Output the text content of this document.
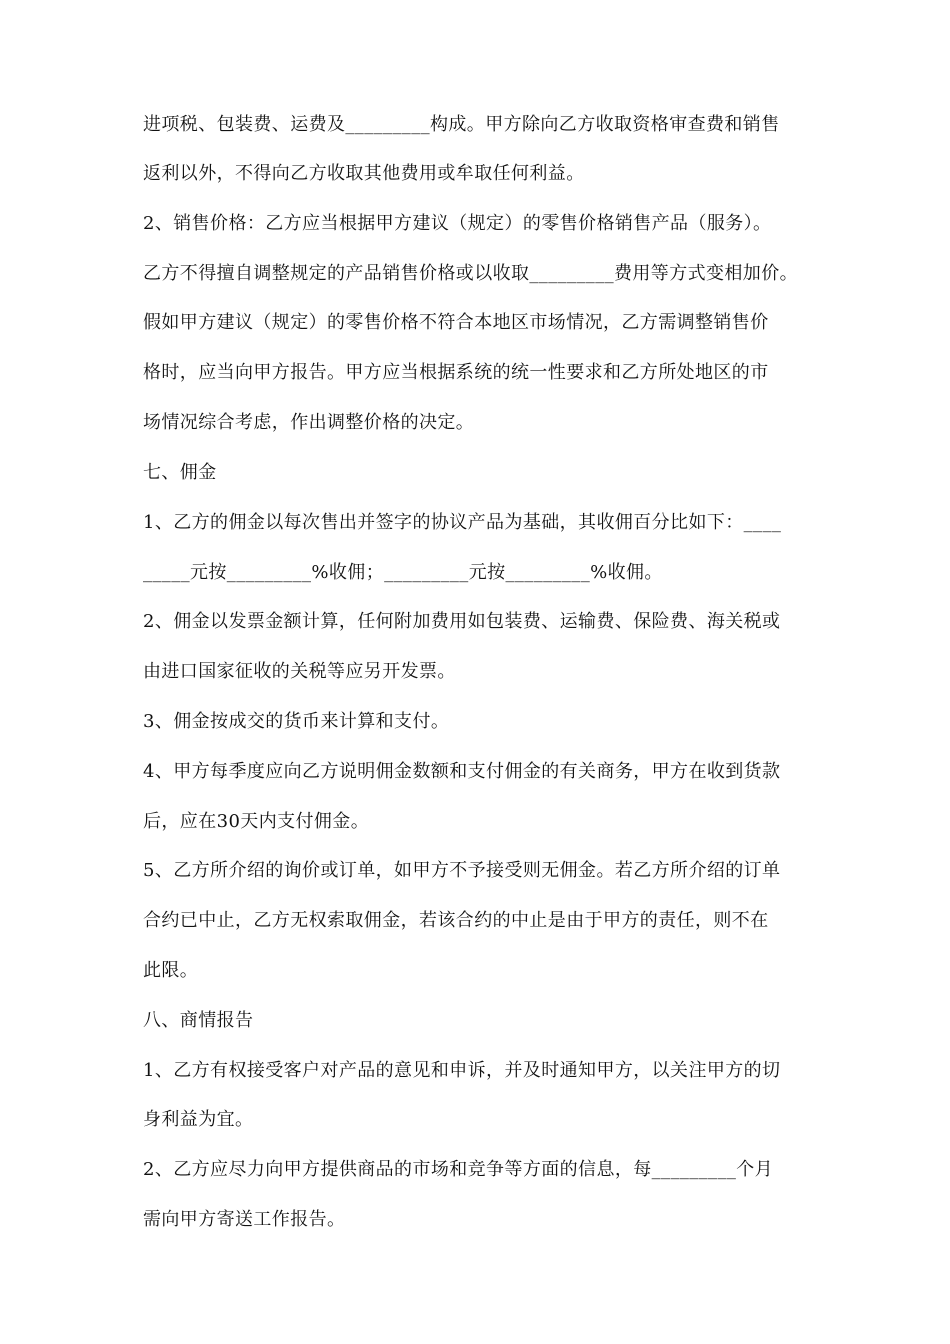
进项税、包装费、运费及_________构成。甲方除向乙方收取资格审查费和销售
返利以外，不得向乙方收取其他费用或牟取任何利益。
2、销售价格：乙方应当根据甲方建议（规定）的零售价格销售产品（服务）。
乙方不得擅自调整规定的产品销售价格或以收取_________费用等方式变相加价。
假如甲方建议（规定）的零售价格不符合本地区市场情况，乙方需调整销售价
格时，应当向甲方报告。甲方应当根据系统的统一性要求和乙方所处地区的市
场情况综合考虑，作出调整价格的决定。
七、佣金
1、乙方的佣金以每次售出并签字的协议产品为基础，其收佣百分比如下：____
_____元按_________%收佣；_________元按_________%收佣。
2、佣金以发票金额计算，任何附加费用如包装费、运输费、保险费、海关税或
由进口国家征收的关税等应另开发票。
3、佣金按成交的货币来计算和支付。
4、甲方每季度应向乙方说明佣金数额和支付佣金的有关商务，甲方在收到货款
后，应在30天内支付佣金。
5、乙方所介绍的询价或订单，如甲方不予接受则无佣金。若乙方所介绍的订单
合约已中止，乙方无权索取佣金，若该合约的中止是由于甲方的责任，则不在
此限。
八、商情报告
1、乙方有权接受客户对产品的意见和申诉，并及时通知甲方，以关注甲方的切
身利益为宜。
2、乙方应尽力向甲方提供商品的市场和竞争等方面的信息，每_________个月
需向甲方寄送工作报告。
